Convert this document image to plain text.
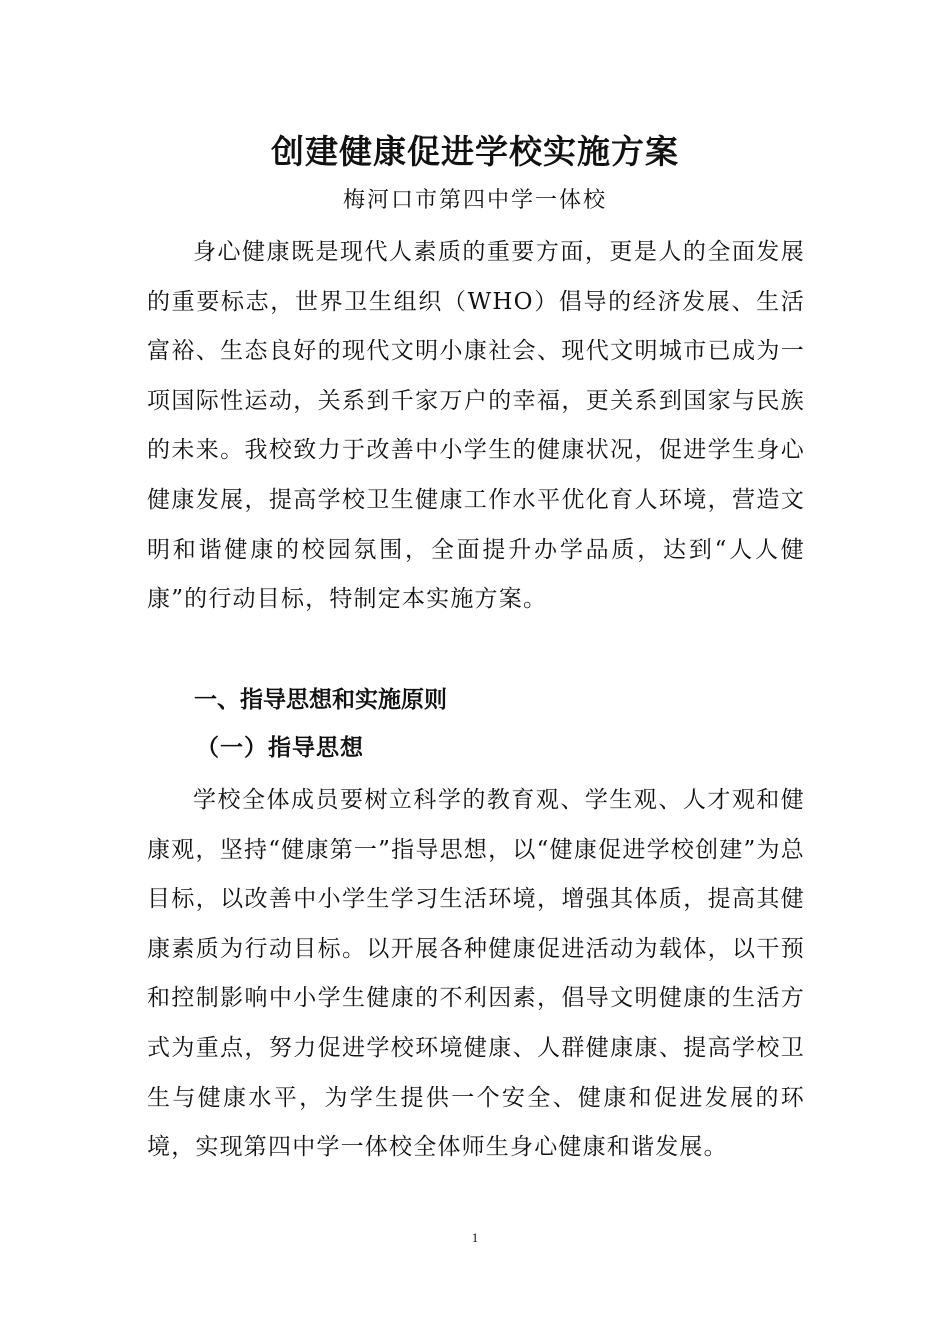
创建健康促进学校实施方案
梅河口市第四中学一体校
身心健康既是现代人素质的重要方面，更是人的全面发展的重要标志，世界卫生组织（WHO）倡导的经济发展、生活富裕、生态良好的现代文明小康社会、现代文明城市已成为一项国际性运动，关系到千家万户的幸福，更关系到国家与民族的未来。我校致力于改善中小学生的健康状况，促进学生身心健康发展，提高学校卫生健康工作水平优化育人环境，营造文明和谐健康的校园氛围，全面提升办学品质，达到“人人健康”的行动目标，特制定本实施方案。
一、指导思想和实施原则
（一）指导思想
学校全体成员要树立科学的教育观、学生观、人才观和健康观，坚持“健康第一”指导思想，以“健康促进学校创建”为总目标，以改善中小学生学习生活环境，增强其体质，提高其健康素质为行动目标。以开展各种健康促进活动为载体，以干预和控制影响中小学生健康的不利因素，倡导文明健康的生活方式为重点，努力促进学校环境健康、人群健康康、提高学校卫生与健康水平，为学生提供一个安全、健康和促进发展的环境，实现第四中学一体校全体师生身心健康和谐发展。
1
